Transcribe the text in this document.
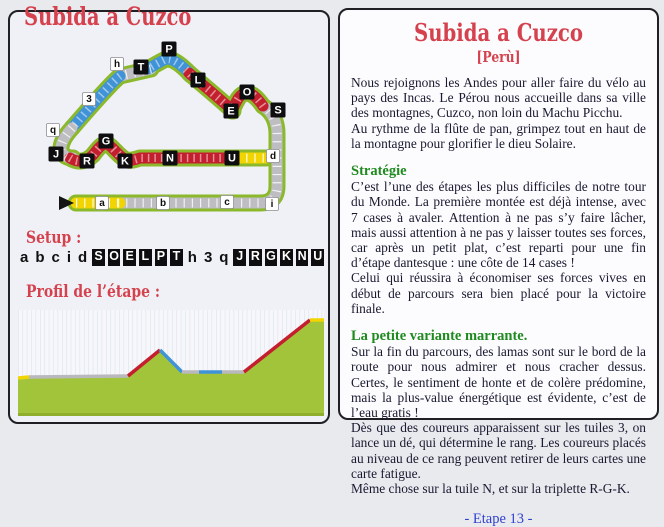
Subida a Cuzco
a	b	c	i
d
q
3
h
S
O
E
L
P
T
J
R
G
K	N	U
Setup :
a b c i d S O E L P T h 3 q J R G K N U
Profil de l’étape :
Subida a Cuzco
[Perù]

Nous rejoignons les Andes pour aller faire du vélo au pays des Incas. Le Pérou nous accueille dans sa ville des montagnes, Cuzco, non loin du Machu Picchu.

Au rythme de la flûte de pan, grimpez tout en haut de la montagne pour glorifier le dieu Solaire.

Stratégie

C’est l’une des étapes les plus difficiles de notre tour du Monde. La première montée est déjà intense, avec 7 cases à avaler. Attention à ne pas s’y faire lâcher, mais aussi attention à ne pas y laisser toutes ses forces, car après un petit plat, c’est reparti pour une fin d’étape dantesque : une côte de 14 cases !

Celui qui réussira à économiser ses forces vives en début de parcours sera bien placé pour la victoire finale.

La petite variante marrante.

Sur la fin du parcours, des lamas sont sur le bord de la route pour nous admirer et nous cracher dessus. Certes, le sentiment de honte et de colère prédomine, mais la plus-value énergétique est évidente, c’est de l’eau gratis !

Dès que des coureurs apparaissent sur les tuiles 3, on lance un dé, qui détermine le rang. Les coureurs placés au niveau de ce rang peuvent retirer de leurs cartes une carte fatigue.

Même chose sur la tuile N, et sur la triplette R-G-K.

- Etape 13 -
